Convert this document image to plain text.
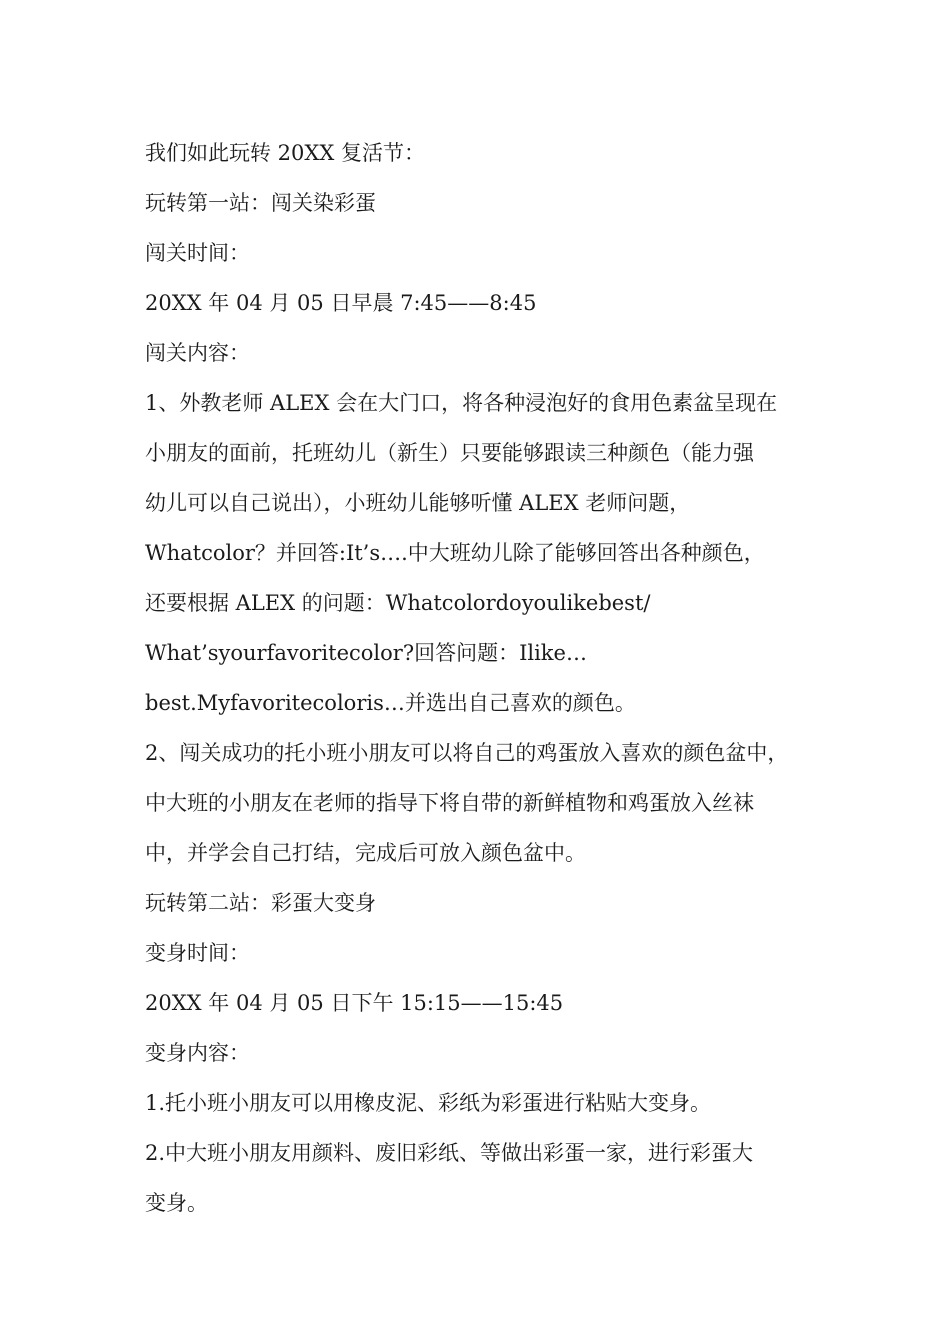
我们如此玩转 20XX 复活节：
玩转第一站：闯关染彩蛋
闯关时间：
20XX 年 04 月 05 日早晨 7:45——8:45
闯关内容：
1、外教老师 ALEX 会在大门口，将各种浸泡好的食用色素盆呈现在
小朋友的面前，托班幼儿（新生）只要能够跟读三种颜色（能力强
幼儿可以自己说出），小班幼儿能够听懂 ALEX 老师问题，
Whatcolor？并回答:It’s….中大班幼儿除了能够回答出各种颜色，
还要根据 ALEX 的问题：Whatcolordoyoulikebest/
What’syourfavoritecolor?回答问题：Ilike…
best.Myfavoritecoloris…并选出自己喜欢的颜色。
2、闯关成功的托小班小朋友可以将自己的鸡蛋放入喜欢的颜色盆中，
中大班的小朋友在老师的指导下将自带的新鲜植物和鸡蛋放入丝袜
中，并学会自己打结，完成后可放入颜色盆中。
玩转第二站：彩蛋大变身
变身时间：
20XX 年 04 月 05 日下午 15:15——15:45
变身内容：
1.托小班小朋友可以用橡皮泥、彩纸为彩蛋进行粘贴大变身。
2.中大班小朋友用颜料、废旧彩纸、等做出彩蛋一家，进行彩蛋大
变身。
